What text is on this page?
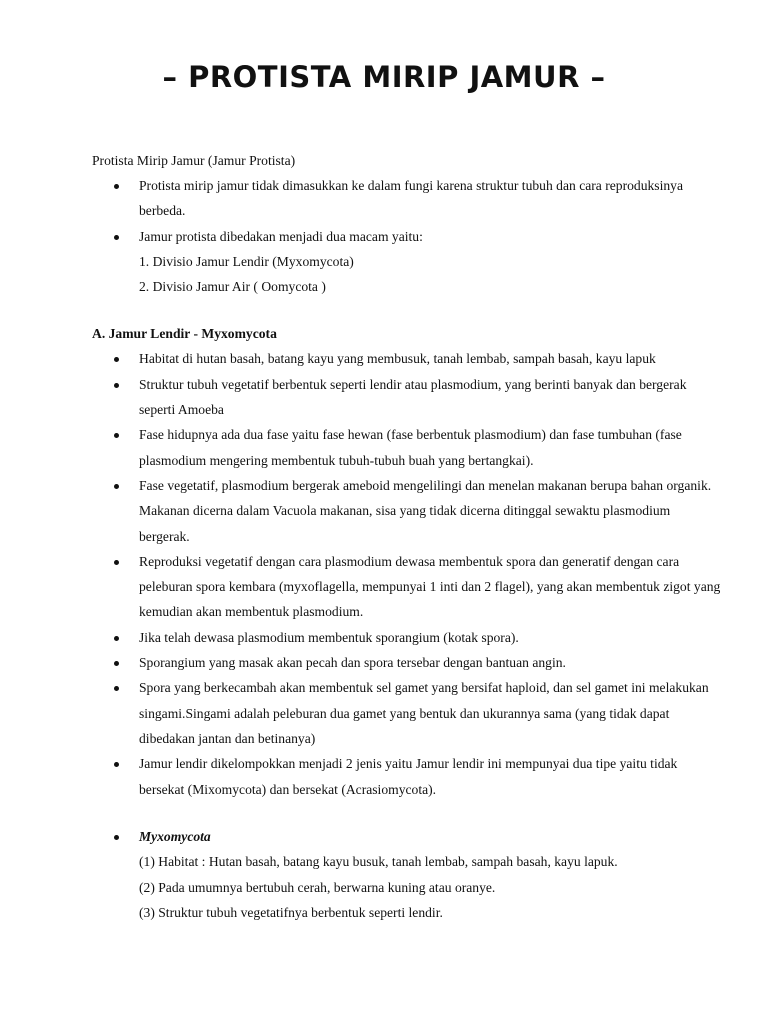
– PROTISTA MIRIP JAMUR –

Protista Mirip Jamur (Jamur Protista)

Protista mirip jamur tidak dimasukkan ke dalam fungi karena struktur tubuh dan cara reproduksinya berbeda.
Jamur protista dibedakan menjadi dua macam yaitu:
1. Divisio Jamur Lendir (Myxomycota)
2. Divisio Jamur Air ( Oomycota )

A. Jamur Lendir - Myxomycota

Habitat di hutan basah, batang kayu yang membusuk, tanah lembab, sampah basah, kayu lapuk
Struktur tubuh vegetatif berbentuk seperti lendir atau plasmodium, yang berinti banyak dan bergerak seperti Amoeba
Fase hidupnya ada dua fase yaitu fase hewan (fase berbentuk plasmodium) dan fase tumbuhan (fase plasmodium mengering membentuk tubuh-tubuh buah yang bertangkai).
Fase vegetatif, plasmodium bergerak ameboid mengelilingi dan menelan makanan berupa bahan organik. Makanan dicerna dalam Vacuola makanan, sisa yang tidak dicerna ditinggal sewaktu plasmodium bergerak.
Reproduksi vegetatif dengan cara plasmodium dewasa membentuk spora dan generatif dengan cara peleburan spora kembara (myxoflagella, mempunyai 1 inti dan 2 flagel), yang akan membentuk zigot yang kemudian akan membentuk plasmodium.
Jika telah dewasa plasmodium membentuk sporangium (kotak spora).
Sporangium yang masak akan pecah dan spora tersebar dengan bantuan angin.
Spora yang berkecambah akan membentuk sel gamet yang bersifat haploid, dan sel gamet ini melakukan singami.Singami adalah peleburan dua gamet yang bentuk dan ukurannya sama (yang tidak dapat dibedakan jantan dan betinanya)
Jamur lendir dikelompokkan menjadi 2 jenis yaitu Jamur lendir ini mempunyai dua tipe yaitu tidak bersekat (Mixomycota) dan bersekat (Acrasiomycota).
Myxomycota
(1) Habitat : Hutan basah, batang kayu busuk, tanah lembab, sampah basah, kayu lapuk.
(2) Pada umumnya bertubuh cerah, berwarna kuning atau oranye.
(3) Struktur tubuh vegetatifnya berbentuk seperti lendir.
